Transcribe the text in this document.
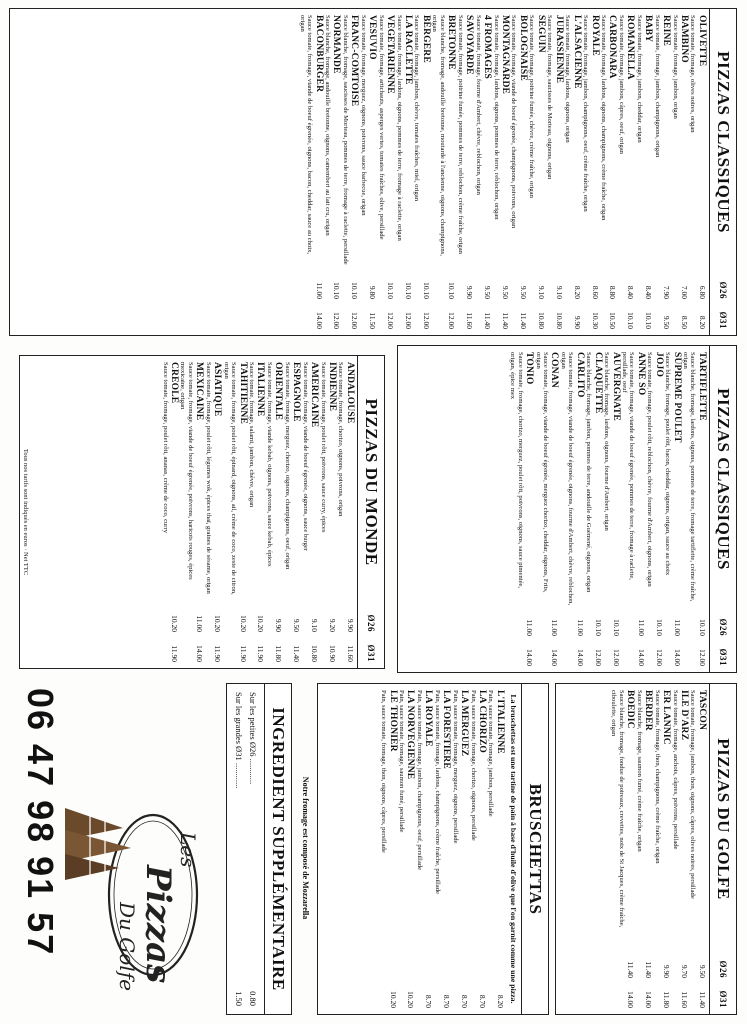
PIZZAS CLASSIQUES
Ø26
Ø31
OLIVETTE
Sauce tomate, fromage, olives noires, origan
6.80
8.20
BAMBINO
Sauce tomate, fromage, jambon, origan
7.00
8.50
REINE
Sauce tomate, fromage, jambon, champignons, origan
7.90
9.50
BABY
Sauce tomate, fromage, jambon, cheddar, origan
8.40
10.10
ROMANELLA
Sauce tomate, fromage, jambon, câpres, oeuf, origan
8.40
10.10
CARBONARA
Sauce tomate, fromage, lardons, oignons, champignons, crème fraîche, origan
8.80
10.50
ROYALE
Sauce tomate, fromage, jambon, champignons, oeuf, crème fraîche, origan
8.60
10.30
L'ALSACIENNE
Sauce tomate, fromage, lardons, oignons, origan
8.20
9.90
JURASSIENNE
Sauce tomate, fromage, saucisses de Morteau, oignons, origan
9.10
10.80
SEGUIN
Sauce tomate, fromage, poitrine fumée, chèvre, crème fraîche, origan
9.10
10.80
BOLOGNAISE
Sauce tomate, fromage, viande de boeuf égrenée, champignons, poivrons, origan
9.50
11.40
MONTAGNARDE
Sauce tomate, fromage, lardons, oignons, pommes de terre, reblochon, origan
9.50
11.40
4 FROMAGES
Sauce tomate, fromage, fourme d'Ambert, chèvre, reblochon, origan
9.50
11.40
SAVOYARDE
Sauce tomate, fromage, poitrine fumée, pommes de terre, reblochon, crème fraîche, origan
9.90
11.60
BRETONNE
Sauce blanche, fromage, andouille bretonne, moutarde à l'ancienne, oignons, champignons, origan
10.10
12.00
BERGERE
Sauce tomate, fromage, jambon, chèvre, tomates fraîches, miel, origan
10.10
12.00
LA RACLETTE
Sauce tomate, fromage, lardons, oignons, pommes de terre, fromage à raclette, origan
10.10
12.00
VEGETARIENNE
Sauce tomate, fromage, artichauts, asperges vertes, tomates fraîches, olive, persillade
10.10
12.00
VESUVIO
Sauce tomate, fromage, merguez, oignons, poivrons, sauce barbecue, origan
9.80
11.50
FRANC-COMTOISE
Sauce blanche, fromage, saucisses de Morteau, pommes de terre, fromage à raclette, persillade
10.10
12.00
NORMANDE
Sauce blanche, fromage, andouille bretonne, oignons, camembert au lait cru, origan
10.10
12.00
BACONBURGER
Sauce tomate, fromage, viande de boeuf égrenée, oignons, bacon, cheddar, sauce au choix, origan
11.00
14.00
PIZZAS CLASSIQUES
Ø26
Ø31
TARTIFLETTE
Sauce blanche, fromage, lardons, oignons, pommes de terre, fromage tartiflette, crème fraîche, origan
10.10
12.00
SUPREME POULET
Sauce blanche, fromage, poulet rôti, bacon, cheddar, oignons, origan, sauce au choix
11.00
14.00
JOJO
Sauce tomate, fromage, poulet rôti, reblochon, chèvre, fourme d'Ambert, oignons, origan
10.10
12.00
ANNE SO
Sauce tomate, fromage, viande de boeuf égrenée, pommes de terre, fromage à raclette, persillade, oeuf
11.00
14.00
AUVERGNATE
Sauce blanche, fromage, lardons, oignons, fourme d'Ambert, origan
10.10
12.00
CLAQUETTE
Sauce blanche, fromage, jambon, pommes de terre, andouille de Guémené, oignons, origan
10.10
12.00
CARLITO
Sauce tomate, fromage, viande de boeuf égrenée, oignons, fourme d'Ambert, chèvre, reblochon, origan
11.00
14.00
CONAN
Sauce tomate, fromage, viande de boeuf égrenée, merguez chorizo, cheddar, oignons, Frits, origan
11.00
14.00
TONIO
Sauce tomate, fromage, chorizo, merguez, poulet rôti, poivrons, oignons, sauce pimentée, origan, épice mex
11.00
14.00
PIZZAS DU MONDE
Ø26
Ø31
ANDALOUSE
Sauce tomate, fromage, chorizo, oignons, poivrons, origan
9.90
11.60
INDIENNE
Sauce tomate, fromage, poulet rôti, poivrons, sauce curry, épices
9.20
10.90
AMERICAINE
Sauce tomate, fromage, viande de boeuf égrenée, oignons, sauce burger
9.10
10.80
ESPAGNOLE
Sauce tomate, fromage, merguez, chorizo, oignons, champignons, oeuf, origan
9.50
11.40
ORIENTALE
Sauce tomate, fromage, viande kebab, oignons, poivrons, sauce kebab, épices
9.90
11.80
ITALIENNE
Sauce tomate, fromage, salami, jambon, chèvre, origan
10.20
11.90
TAHITIENNE
Sauce tomate, fromage, poulet rôti, épinard, oignons, ail, crème de coco, zeste de citron, origan
10.20
11.90
ASIATIQUE
Sauce tomate, fromage, poulet rôti, légumes wok, épices thaï, graines de sésame, origan
10.20
11.90
MEXICAINE
Sauce tomate, fromage, viande de boeuf égrenée, poivrons, haricots rouges, épices mexicaine, origan
11.00
14.00
CREOLE
Sauce tomate, fromage, poulet rôti, ananas, crème de coco, curry
10.20
11.90
Tous nos tarifs sont indiqués en euros · Net TTC
PIZZAS DU GOLFE
Ø26
Ø31
TASCON
Sauce tomate, fromage, jambon, thon, oignons, câpres, olives noires, persillade
9.50
11.40
ILE D'ARZ
Sauce tomate, fromage, anchois, câpres, poivrons, persillade
9.70
11.60
ER LANNIC
Sauce tomate, fromage, thon, champignons, crème fraîche, origan
9.90
11.80
BERDER
Sauce blanche, fromage, saumon fumé, crème fraîche, origan
11.40
14.00
BOEDIC
Sauce blanche, fromage, fondue de poireaux, crevettes, noix de St Jacques, crème fraîche, ciboulette, origan
11.40
14.00
BRUSCHETTAS
La bruschettas est une tartine de pain à base d'huile d'olive que l'on garnit comme une pizza.
L'ITALIENNE
Pain, sauce tomate, fromage, jambon, persillade
8.20
LA CHORIZO
Pain, sauce tomate, fromage, chorizo, oignons, persillade
8.70
LA MERGUEZ
Pain, sauce tomate, fromage, merguez, oignons, persillade
8.70
LA FORESTIERE
Pain, sauce tomate, fromage, lardons, champignons, crème fraîche, persillade
8.70
LA ROYALE
Pain, sauce tomate, fromage, jambon, champignons, oeuf, persillade
8.70
LA NORVEGIENNE
Pain, sauce tomate, fromage, saumon fumé, persillade
10.20
LE THONIER
Pain, sauce tomate, fromage, thon, oignons, câpres, persillade
10.20
Notre fromage est composé de Mozzarella
INGREDIENT SUPPLÉMENTAIRE
Sur les petites Ø26 ............
0.80
Sur les grandes Ø31 ............
1.50
Les
Pizzas
Du Golfe
06 47 98 91 57
